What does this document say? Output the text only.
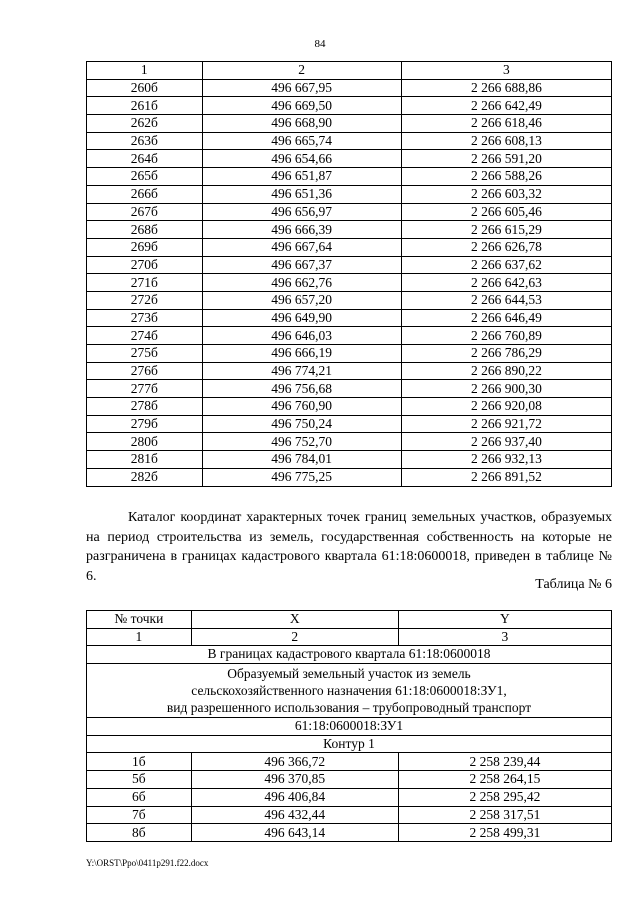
84
1	2	3
260б	496 667,95	2 266 688,86
261б	496 669,50	2 266 642,49
262б	496 668,90	2 266 618,46
263б	496 665,74	2 266 608,13
264б	496 654,66	2 266 591,20
265б	496 651,87	2 266 588,26
266б	496 651,36	2 266 603,32
267б	496 656,97	2 266 605,46
268б	496 666,39	2 266 615,29
269б	496 667,64	2 266 626,78
270б	496 667,37	2 266 637,62
271б	496 662,76	2 266 642,63
272б	496 657,20	2 266 644,53
273б	496 649,90	2 266 646,49
274б	496 646,03	2 266 760,89
275б	496 666,19	2 266 786,29
276б	496 774,21	2 266 890,22
277б	496 756,68	2 266 900,30
278б	496 760,90	2 266 920,08
279б	496 750,24	2 266 921,72
280б	496 752,70	2 266 937,40
281б	496 784,01	2 266 932,13
282б	496 775,25	2 266 891,52

Каталог координат характерных точек границ земельных участков, образуемых на период строительства из земель, государственная собственность на которые не разграничена в границах кадастрового квартала 61:18:0600018, приведен в таблице № 6.

Таблица № 6
№ точки	X	Y
1	2	3
В границах кадастрового квартала 61:18:0600018		

Образуемый земельный участок из земель
сельскохозяйственного назначения 61:18:0600018:ЗУ1,
вид разрешенного использования – трубопроводный транспорт		

61:18:0600018:ЗУ1		
Контур 1		
1б	496 366,72	2 258 239,44
5б	496 370,85	2 258 264,15
6б	496 406,84	2 258 295,42
7б	496 432,44	2 258 317,51
8б	496 643,14	2 258 499,31
Y:\ORST\Ppo\0411p291.f22.docx
